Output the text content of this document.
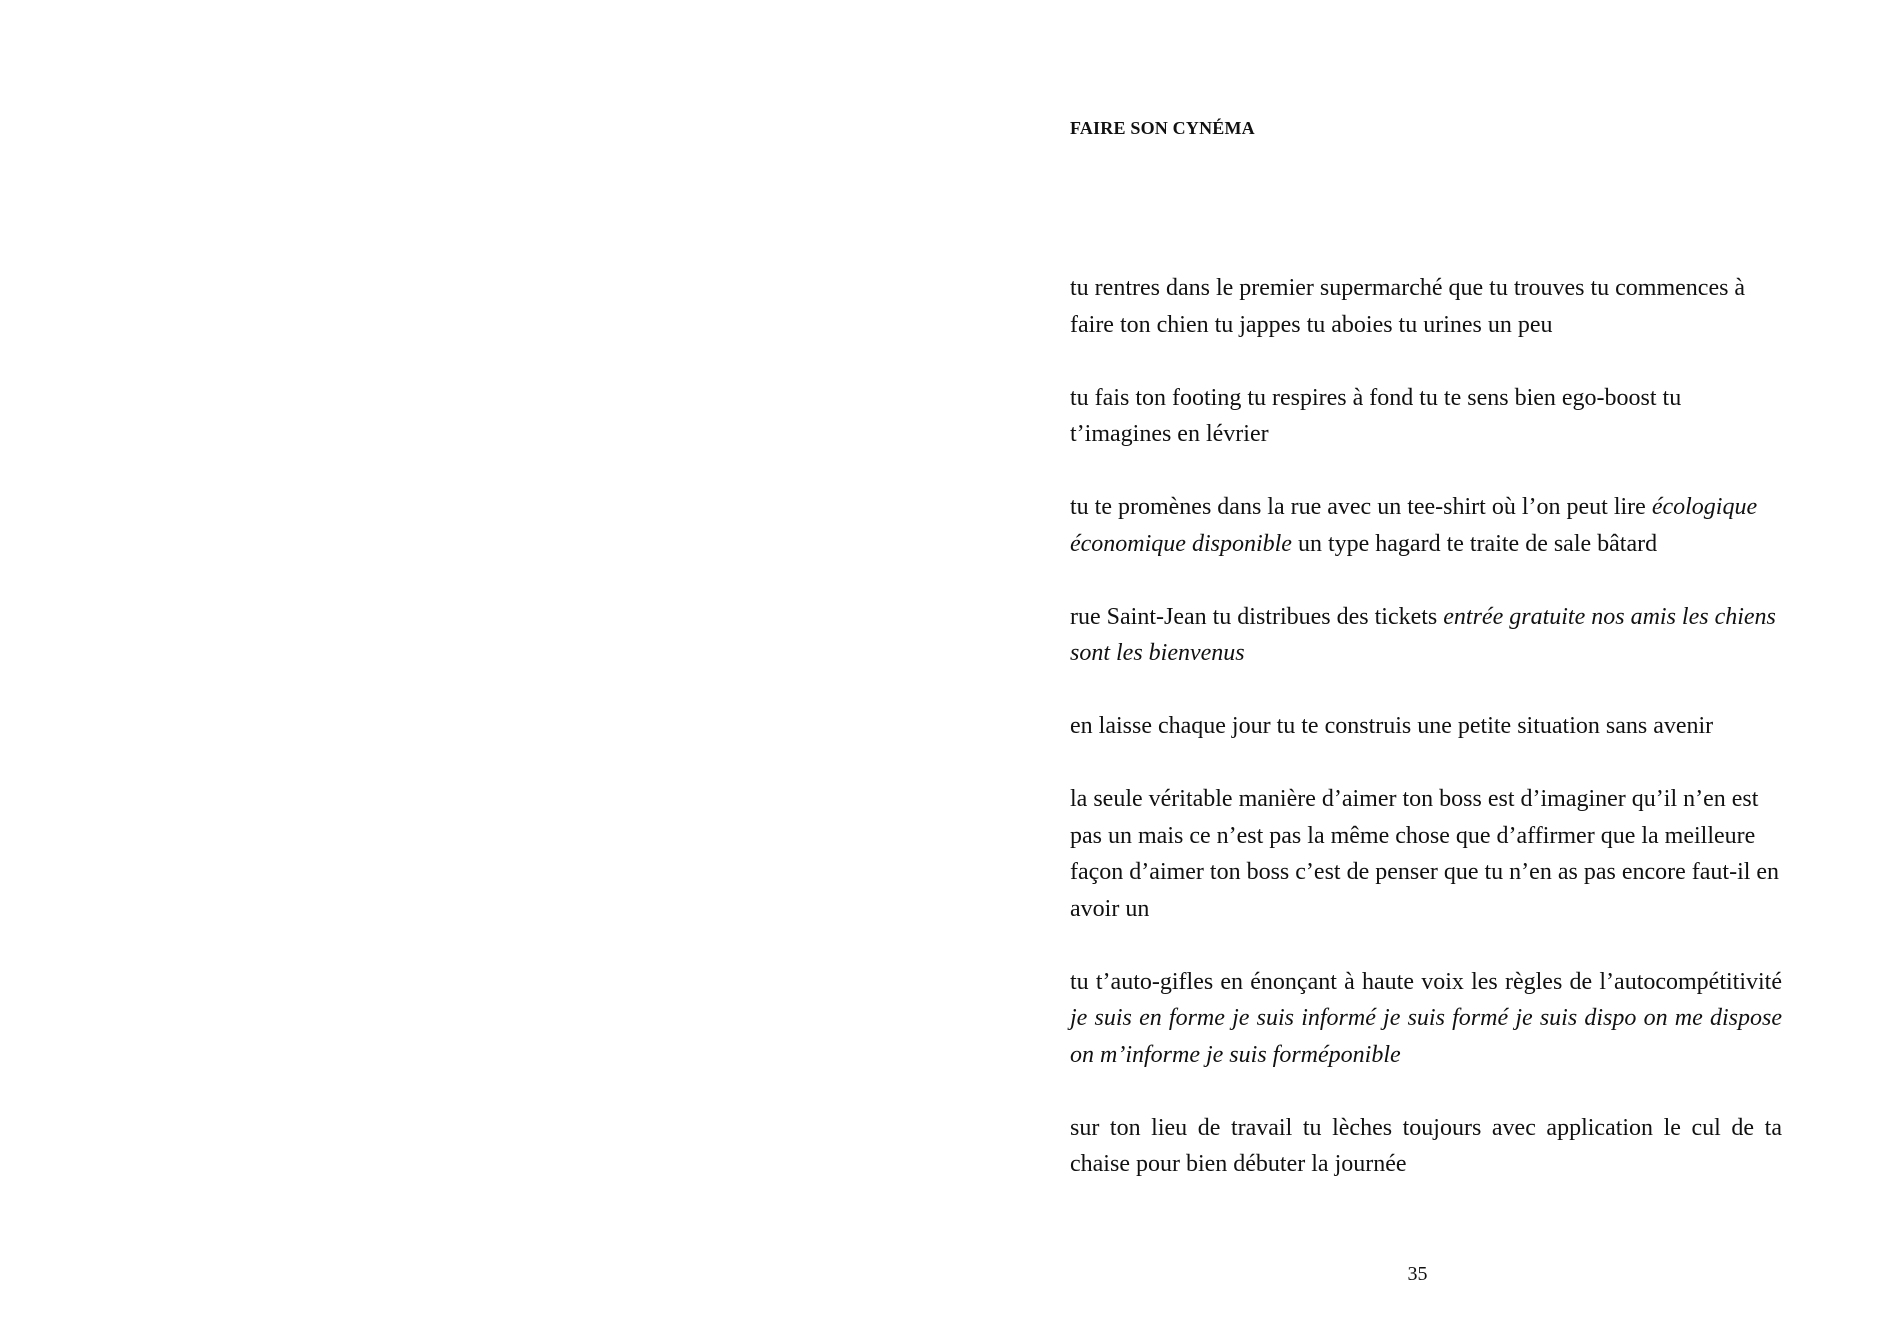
FAIRE SON CYNÉMA

tu rentres dans le premier supermarché que tu trouves tu commences à faire ton chien tu jappes tu aboies tu urines un peu

tu fais ton footing tu respires à fond tu te sens bien ego-boost tu t’imagines en lévrier

tu te promènes dans la rue avec un tee-shirt où l’on peut lire écologique économique disponible un type hagard te traite de sale bâtard

rue Saint-Jean tu distribues des tickets entrée gratuite nos amis les chiens sont les bienvenus

en laisse chaque jour tu te construis une petite situation sans avenir

la seule véritable manière d’aimer ton boss est d’imaginer qu’il n’en est pas un mais ce n’est pas la même chose que d’affirmer que la meilleure façon d’aimer ton boss c’est de penser que tu n’en as pas encore faut-il en avoir un

tu t’auto-gifles en énonçant à haute voix les règles de l’autocompétitivité je suis en forme je suis informé je suis formé je suis dispo on me dispose on m’informe je suis forméponible

sur ton lieu de travail tu lèches toujours avec application le cul de ta chaise pour bien débuter la journée

35
